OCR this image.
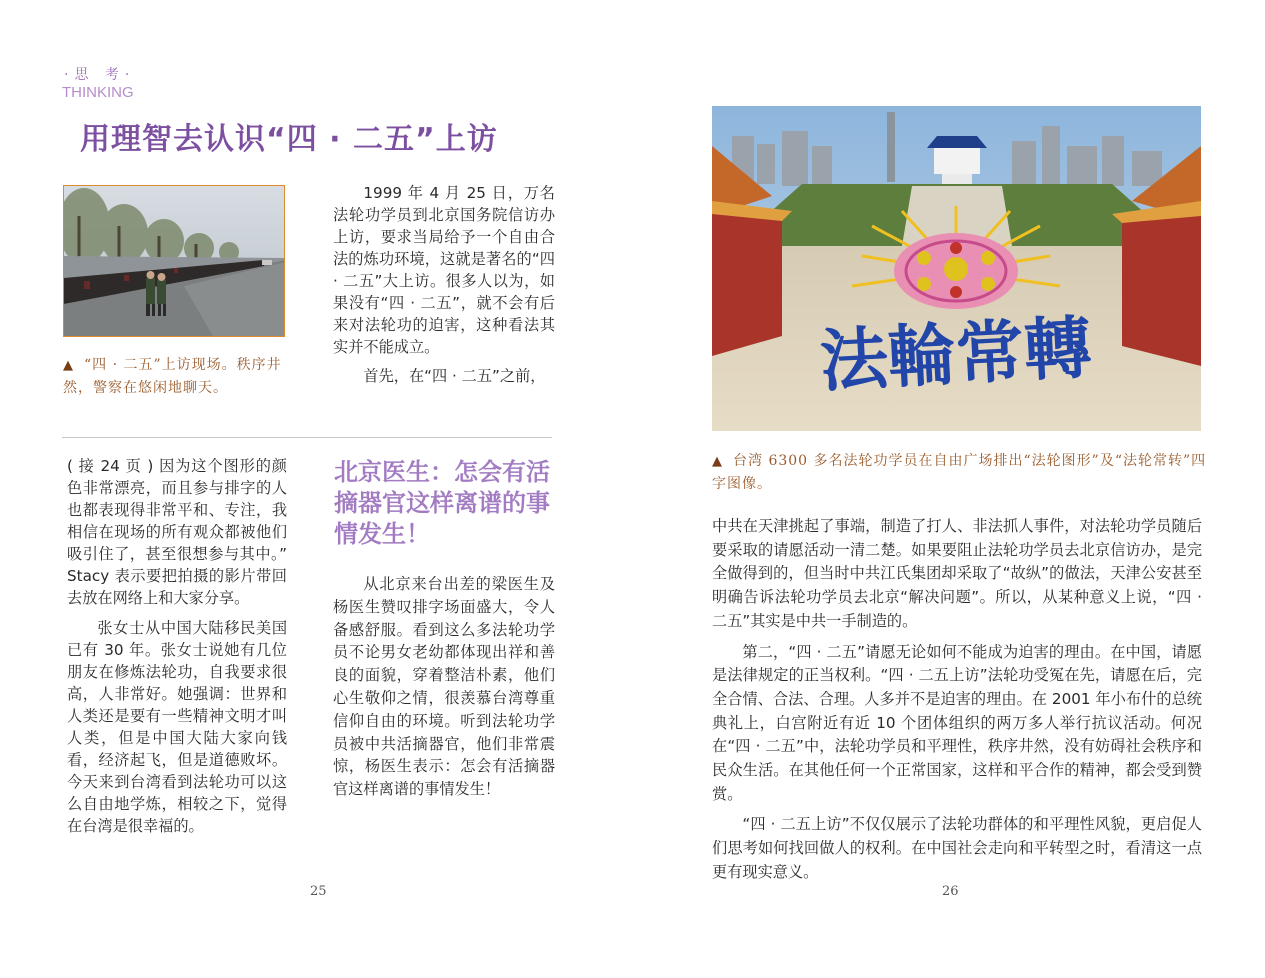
·思 考·
THINKING
用理智去认识“四 · 二五”上访
▲ “四 · 二五”上访现场。秩序井然，警察在悠闲地聊天。

1999 年 4 月 25 日，万名法轮功学员到北京国务院信访办上访，要求当局给予一个自由合法的炼功环境，这就是著名的“四 · 二五”大上访。很多人以为，如果没有“四 · 二五”，就不会有后来对法轮功的迫害，这种看法其实并不能成立。

首先，在“四 · 二五”之前，

( 接 24 页 ) 因为这个图形的颜色非常漂亮，而且参与排字的人也都表现得非常平和、专注，我相信在现场的所有观众都被他们吸引住了，甚至很想参与其中。” Stacy 表示要把拍摄的影片带回去放在网络上和大家分享。

张女士从中国大陆移民美国已有 30 年。张女士说她有几位朋友在修炼法轮功，自我要求很高，人非常好。她强调：世界和人类还是要有一些精神文明才叫人类，但是中国大陆大家向钱看，经济起飞，但是道德败坏。今天来到台湾看到法轮功可以这么自由地学炼，相较之下，觉得在台湾是很幸福的。

北京医生：怎会有活摘器官这样离谱的事情发生！

从北京来台出差的梁医生及杨医生赞叹排字场面盛大，令人备感舒服。看到这么多法轮功学员不论男女老幼都体现出祥和善良的面貌，穿着整洁朴素，他们心生敬仰之情，很羡慕台湾尊重信仰自由的环境。听到法轮功学员被中共活摘器官，他们非常震惊，杨医生表示：怎会有活摘器官这样离谱的事情发生！

法輪常轉
▲ 台湾 6300 多名法轮功学员在自由广场排出“法轮图形”及“法轮常转”四字图像。

中共在天津挑起了事端，制造了打人、非法抓人事件，对法轮功学员随后要采取的请愿活动一清二楚。如果要阻止法轮功学员去北京信访办，是完全做得到的，但当时中共江氏集团却采取了“故纵”的做法，天津公安甚至明确告诉法轮功学员去北京“解决问题”。所以，从某种意义上说，“四 · 二五”其实是中共一手制造的。

第二，“四 · 二五”请愿无论如何不能成为迫害的理由。在中国，请愿是法律规定的正当权利。“四 · 二五上访”法轮功受冤在先，请愿在后，完全合情、合法、合理。人多并不是迫害的理由。在 2001 年小布什的总统典礼上，白宫附近有近 10 个团体组织的两万多人举行抗议活动。何况在“四 · 二五”中，法轮功学员和平理性，秩序井然，没有妨碍社会秩序和民众生活。在其他任何一个正常国家，这样和平合作的精神，都会受到赞赏。

“四 · 二五上访”不仅仅展示了法轮功群体的和平理性风貌，更启促人们思考如何找回做人的权利。在中国社会走向和平转型之时，看清这一点更有现实意义。

25	26
